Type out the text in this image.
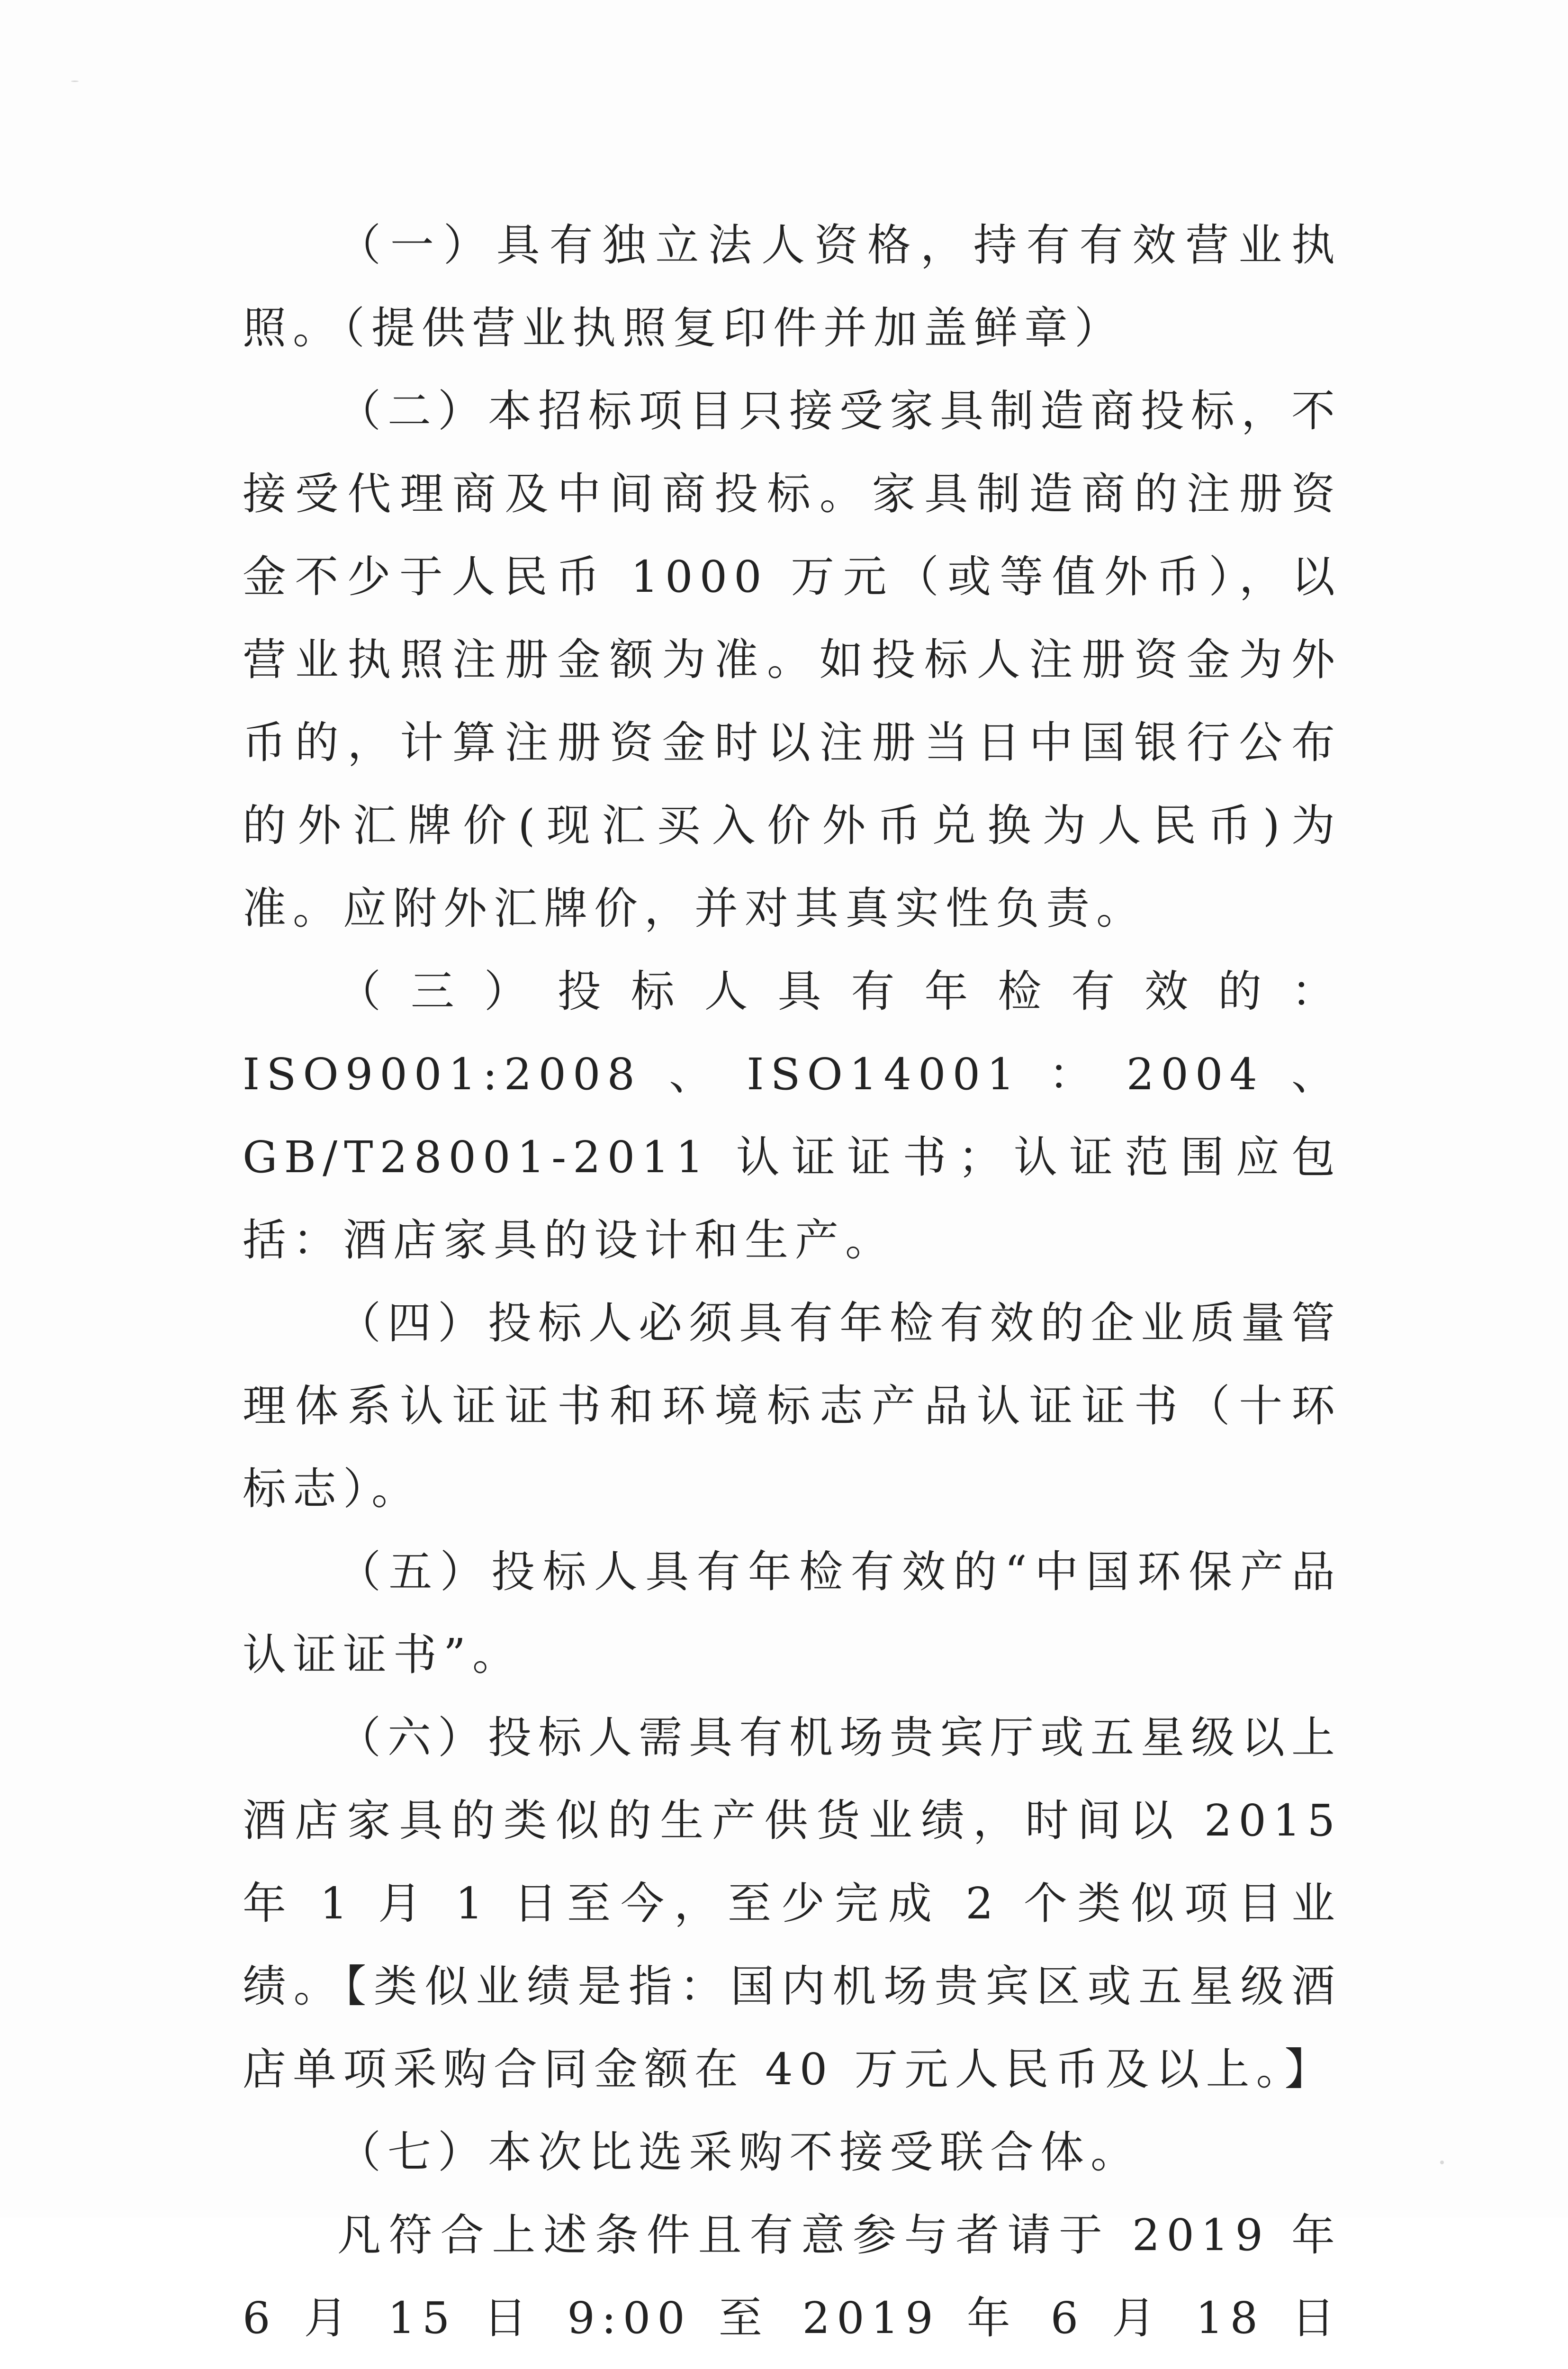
（一）具有独立法人资格，持有有效营业执照。（提供营业执照复印件并加盖鲜章）

（二）本招标项目只接受家具制造商投标，不接受代理商及中间商投标。家具制造商的注册资金不少于人民币 1000 万元（或等值外币），以营业执照注册金额为准。如投标人注册资金为外币的，计算注册资金时以注册当日中国银行公布的外汇牌价(现汇买入价外币兑换为人民币)为准。应附外汇牌价，并对其真实性负责。

（三）投标人具有年检有效的：ISO9001:2008、ISO14001：2004、GB/T28001-2011 认证证书；认证范围应包括：酒店家具的设计和生产。

（四）投标人必须具有年检有效的企业质量管理体系认证证书和环境标志产品认证证书（十环标志）。

（五）投标人具有年检有效的“中国环保产品认证证书”。

（六）投标人需具有机场贵宾厅或五星级以上酒店家具的类似的生产供货业绩，时间以 2015 年 1 月 1 日至今，至少完成 2 个类似项目业绩。【类似业绩是指：国内机场贵宾区或五星级酒店单项采购合同金额在 40 万元人民币及以上。】

（七）本次比选采购不接受联合体。

凡符合上述条件且有意参与者请于 2019 年 6 月 15 日 9:00 至 2019 年 6 月 18 日
